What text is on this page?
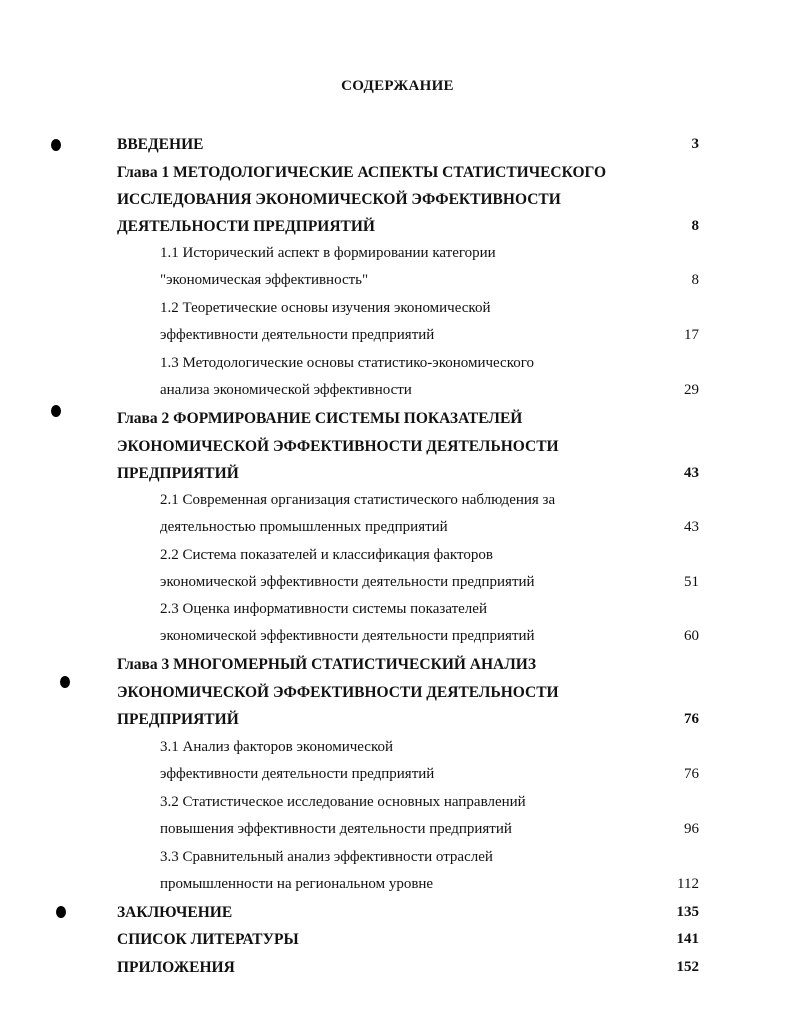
СОДЕРЖАНИЕ
ВВЕДЕНИЕ	3
Глава 1 МЕТОДОЛОГИЧЕСКИЕ АСПЕКТЫ СТАТИСТИЧЕСКОГО
ИССЛЕДОВАНИЯ ЭКОНОМИЧЕСКОЙ ЭФФЕКТИВНОСТИ
ДЕЯТЕЛЬНОСТИ ПРЕДПРИЯТИЙ	8
1.1 Исторический аспект в формировании категории
"экономическая эффективность"	8
1.2 Теоретические основы изучения экономической
эффективности деятельности предприятий	17
1.3 Методологические основы статистико-экономического
анализа экономической эффективности	29
Глава 2 ФОРМИРОВАНИЕ СИСТЕМЫ ПОКАЗАТЕЛЕЙ
ЭКОНОМИЧЕСКОЙ ЭФФЕКТИВНОСТИ ДЕЯТЕЛЬНОСТИ
ПРЕДПРИЯТИЙ	43
2.1 Современная организация статистического наблюдения за
деятельностью промышленных предприятий	43
2.2 Система показателей и классификация факторов
экономической эффективности деятельности предприятий	51
2.3 Оценка информативности системы показателей
экономической эффективности деятельности предприятий	60
Глава 3 МНОГОМЕРНЫЙ СТАТИСТИЧЕСКИЙ АНАЛИЗ
ЭКОНОМИЧЕСКОЙ ЭФФЕКТИВНОСТИ ДЕЯТЕЛЬНОСТИ
ПРЕДПРИЯТИЙ	76
3.1 Анализ факторов экономической
эффективности деятельности предприятий	76
3.2 Статистическое исследование основных направлений
повышения эффективности деятельности предприятий	96
3.3 Сравнительный анализ эффективности отраслей
промышленности на региональном уровне	112
ЗАКЛЮЧЕНИЕ	135
СПИСОК ЛИТЕРАТУРЫ	141
ПРИЛОЖЕНИЯ	152
